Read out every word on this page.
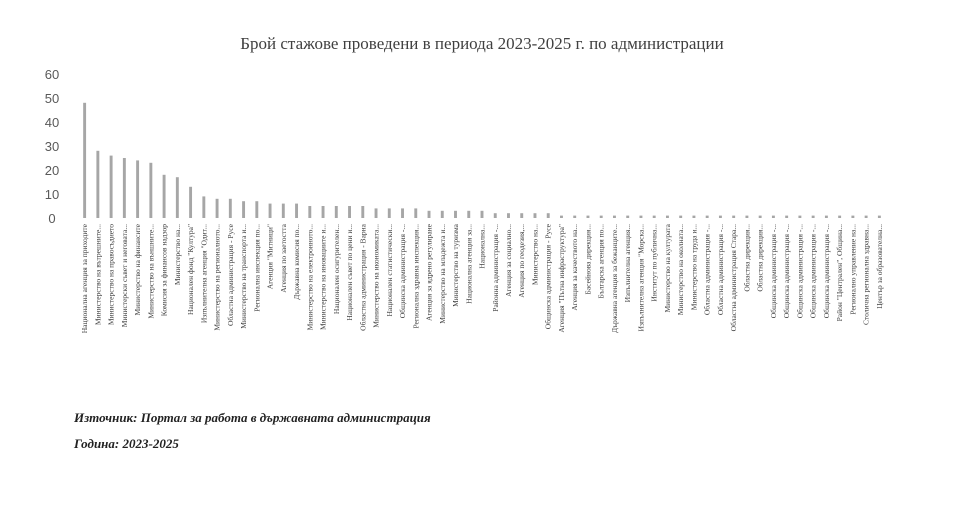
Брой стажове проведени в периода 2023-2025 г. по администрации
0
10
20
30
40
50
60
Национална агенция за приходите Министерство на вътрешните... Министерство на правосъдието Министерски съвет и неговата... Министерство на финансите Министерство на външните... Комисия за финансов надзор Министерство на... Национален фонд "Култура" Изпълнителна агенция "Одит... Министерство на регионалното... Областна администрация - Русе Министерство на транспорта и... Регионална инспекция по... Агенция "Митници" Агенция по заетостта Държавна комисия по... Министерство на електронното... Министерство на иновациите и... Национален осигурителен... Национален съвет по цени и... Областна администрация - Варна Министерство на икономиката... Национален статистически... Общинска администрация -... Регионална здравна инспекция... Агенция за ядрено регулиране Министерство на младежта и... Министерство на туризма Национална агенция за... Национална... Районна администрация -... Агенция за социално... Агенция по геодезия,... Министерство на... Общинска администрация - Русе Агенция "Пътна инфраструктура" Агенция за качеството на... Басейнова дирекция... Българска агенция по... Държавна агенция за бежанците... Изпълнителна агенция... Изпълнителна агенция "Морска... Институт по публична... Министерство на културата Министерство на околната... Министерство на труда и... Областна администрация -... Областна администрация -... Областна администрация Стара... Областна дирекция... Областна дирекция... Общинска администрация -... Общинска администрация -... Общинска администрация -... Общинска администрация -... Общинска администрация -... Район "Централен", Община... Регионално управление на... Столична регионална здравна... Център за образователна...
Източник: Портал за работа в държавната администрация
Година: 2023-2025
